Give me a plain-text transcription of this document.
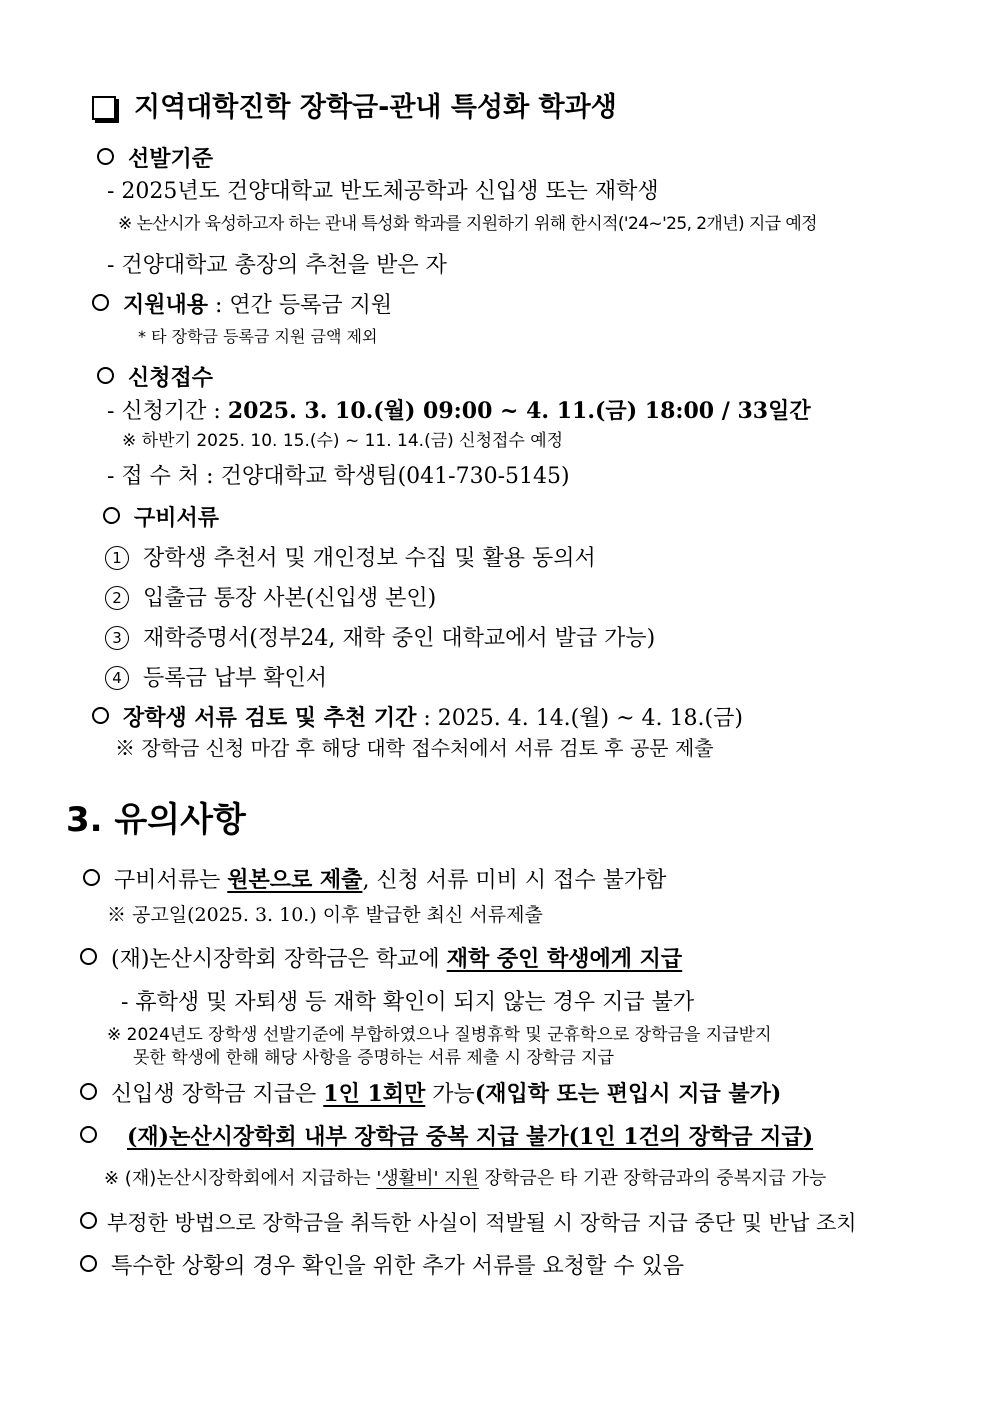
지역대학진학 장학금-관내 특성화 학과생
선발기준
- 2025년도 건양대학교 반도체공학과 신입생 또는 재학생
※ 논산시가 육성하고자 하는 관내 특성화 학과를 지원하기 위해 한시적('24~'25, 2개년) 지급 예정
- 건양대학교 총장의 추천을 받은 자
지원내용 : 연간 등록금 지원
* 타 장학금 등록금 지원 금액 제외
신청접수
- 신청기간 : 2025. 3. 10.(월) 09:00 ~ 4. 11.(금) 18:00 / 33일간
※ 하반기 2025. 10. 15.(수) ~ 11. 14.(금) 신청접수 예정
- 접 수 처 : 건양대학교 학생팀(041-730-5145)
구비서류
1 장학생 추천서 및 개인정보 수집 및 활용 동의서
2 입출금 통장 사본(신입생 본인)
3 재학증명서(정부24, 재학 중인 대학교에서 발급 가능)
4 등록금 납부 확인서
장학생 서류 검토 및 추천 기간 : 2025. 4. 14.(월) ~ 4. 18.(금)
※ 장학금 신청 마감 후 해당 대학 접수처에서 서류 검토 후 공문 제출
3. 유의사항
구비서류는 원본으로 제출, 신청 서류 미비 시 접수 불가함
※ 공고일(2025. 3. 10.) 이후 발급한 최신 서류제출
(재)논산시장학회 장학금은 학교에 재학 중인 학생에게 지급
- 휴학생 및 자퇴생 등 재학 확인이 되지 않는 경우 지급 불가
※ 2024년도 장학생 선발기준에 부합하였으나 질병휴학 및 군휴학으로 장학금을 지급받지
못한 학생에 한해 해당 사항을 증명하는 서류 제출 시 장학금 지급
신입생 장학금 지급은 1인 1회만 가능(재입학 또는 편입시 지급 불가)
(재)논산시장학회 내부 장학금 중복 지급 불가(1인 1건의 장학금 지급)
※ (재)논산시장학회에서 지급하는 '생활비' 지원 장학금은 타 기관 장학금과의 중복지급 가능
부정한 방법으로 장학금을 취득한 사실이 적발될 시 장학금 지급 중단 및 반납 조치
특수한 상황의 경우 확인을 위한 추가 서류를 요청할 수 있음
